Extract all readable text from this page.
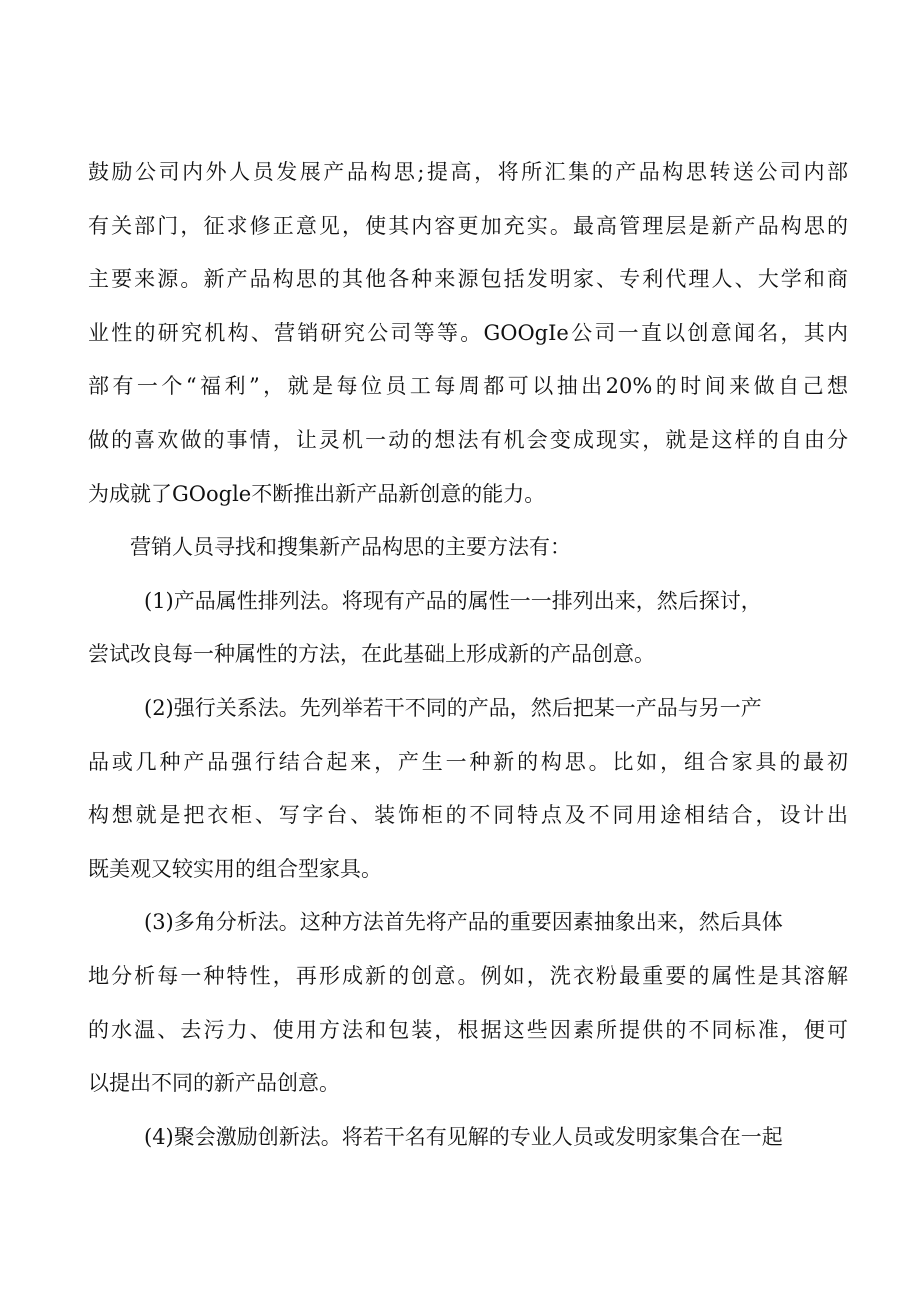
鼓励公司内外人员发展产品构思;提高，将所汇集的产品构思转送公司内部
有关部门，征求修正意见，使其内容更加充实。最高管理层是新产品构思的
主要来源。新产品构思的其他各种来源包括发明家、专利代理人、大学和商
业性的研究机构、营销研究公司等等。GOOgIe公司一直以创意闻名，其内
部有一个“福利”，就是每位员工每周都可以抽出20%的时间来做自己想
做的喜欢做的事情，让灵机一动的想法有机会变成现实，就是这样的自由分
为成就了GOogle不断推出新产品新创意的能力。
营销人员寻找和搜集新产品构思的主要方法有：
(1)产品属性排列法。将现有产品的属性一一排列出来，然后探讨，
尝试改良每一种属性的方法，在此基础上形成新的产品创意。
(2)强行关系法。先列举若干不同的产品，然后把某一产品与另一产
品或几种产品强行结合起来，产生一种新的构思。比如，组合家具的最初
构想就是把衣柜、写字台、装饰柜的不同特点及不同用途相结合，设计出
既美观又较实用的组合型家具。
(3)多角分析法。这种方法首先将产品的重要因素抽象出来，然后具体
地分析每一种特性，再形成新的创意。例如，洗衣粉最重要的属性是其溶解
的水温、去污力、使用方法和包装，根据这些因素所提供的不同标准，便可
以提出不同的新产品创意。
(4)聚会激励创新法。将若干名有见解的专业人员或发明家集合在一起
